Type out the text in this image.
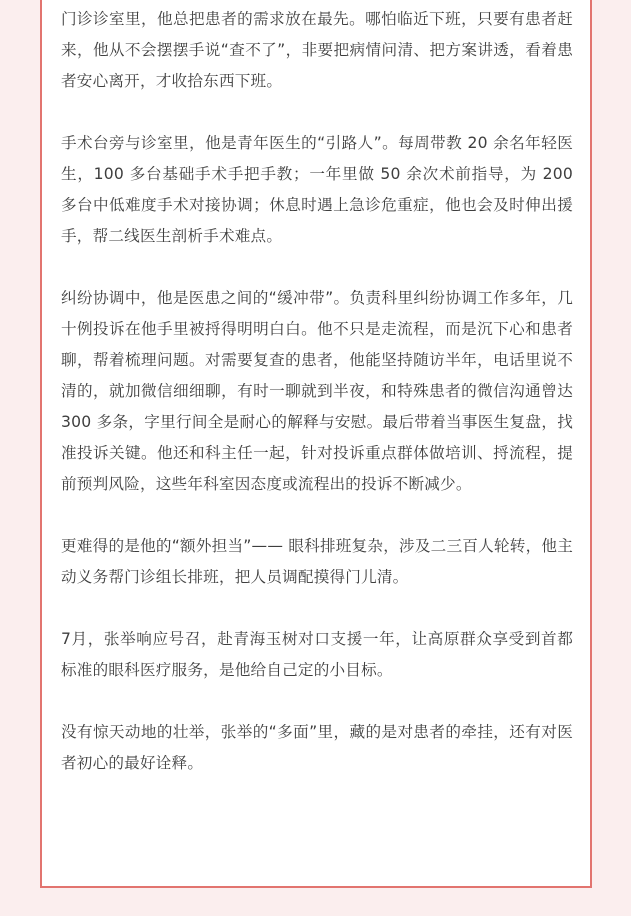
门诊诊室里，他总把患者的需求放在最先。哪怕临近下班，只要有患者赶来，他从不会摆摆手说“查不了”，非要把病情问清、把方案讲透，看着患者安心离开，才收拾东西下班。

手术台旁与诊室里，他是青年医生的“引路人”。每周带教 20 余名年轻医生，100 多台基础手术手把手教；一年里做 50 余次术前指导，为 200 多台中低难度手术对接协调；休息时遇上急诊危重症，他也会及时伸出援手，帮二线医生剖析手术难点。

纠纷协调中，他是医患之间的“缓冲带”。负责科里纠纷协调工作多年，几十例投诉在他手里被捋得明明白白。他不只是走流程，而是沉下心和患者聊，帮着梳理问题。对需要复查的患者，他能坚持随访半年，电话里说不清的，就加微信细细聊，有时一聊就到半夜，和特殊患者的微信沟通曾达 300 多条，字里行间全是耐心的解释与安慰。最后带着当事医生复盘，找准投诉关键。他还和科主任一起，针对投诉重点群体做培训、捋流程，提前预判风险，这些年科室因态度或流程出的投诉不断减少。

更难得的是他的“额外担当”—— 眼科排班复杂，涉及二三百人轮转，他主动义务帮门诊组长排班，把人员调配摸得门儿清。

7月，张举响应号召，赴青海玉树对口支援一年，让高原群众享受到首都标准的眼科医疗服务，是他给自己定的小目标。

没有惊天动地的壮举，张举的“多面”里，藏的是对患者的牵挂，还有对医者初心的最好诠释。
